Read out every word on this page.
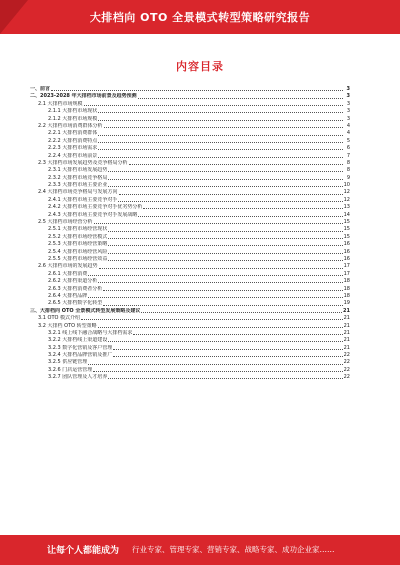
大排档向 OTO 全景模式转型策略研究报告
内容目录
一、前言	3
二、2023-2028 年大排档市场前景及趋势预测	3
2.1 大排档市场规模	3
2.1.1 大排档市场现状	3
2.1.2 大排档市场规模	3
2.2 大排档市场消费群体分析	4
2.2.1 大排档消费群体	4
2.2.2 大排档消费特点	5
2.2.3 大排档市场需求	6
2.2.4 大排档市场前景	7
2.3 大排档市场发展趋势及竞争格局分析	8
2.3.1 大排档市场发展趋势	8
2.3.2 大排档市场竞争格局	9
2.3.3 大排档市场主要企业	10
2.4 大排档市场竞争格局与发展方向	12
2.4.1 大排档市场主要竞争对手	12
2.4.2 大排档市场主要竞争对手优劣势分析	13
2.4.3 大排档市场主要竞争对手发展战略	14
2.5 大排档市场经营分析	15
2.5.1 大排档市场经营现状	15
2.5.2 大排档市场经营模式	15
2.5.3 大排档市场经营策略	16
2.5.4 大排档市场经营风险	16
2.5.5 大排档市场经营效益	16
2.6 大排档市场的发展趋势	17
2.6.1 大排档消费	17
2.6.2 大排档渠道分析	18
2.6.3 大排档消费者分析	18
2.6.4 大排档品牌	18
2.6.5 大排档数字化转型	19
三、大排档向 OTO 全景模式转型发展策略及建议	21
3.1 OTO 模式介绍	21
3.2 大排档 OTO 转型策略	21
3.2.1 线上线下融合战略与大排档需求	21
3.2.2 大排档线上渠道建设	21
3.2.3 数字化营销及客户管理	21
3.2.4 大排档品牌营销及推广	22
3.2.5 供应链管理	22
3.2.6 门店运营管理	22
3.2.7 团队管理及人才培养	22
让每个人都能成为 行业专家、管理专家、营销专家、战略专家、成功企业家……
